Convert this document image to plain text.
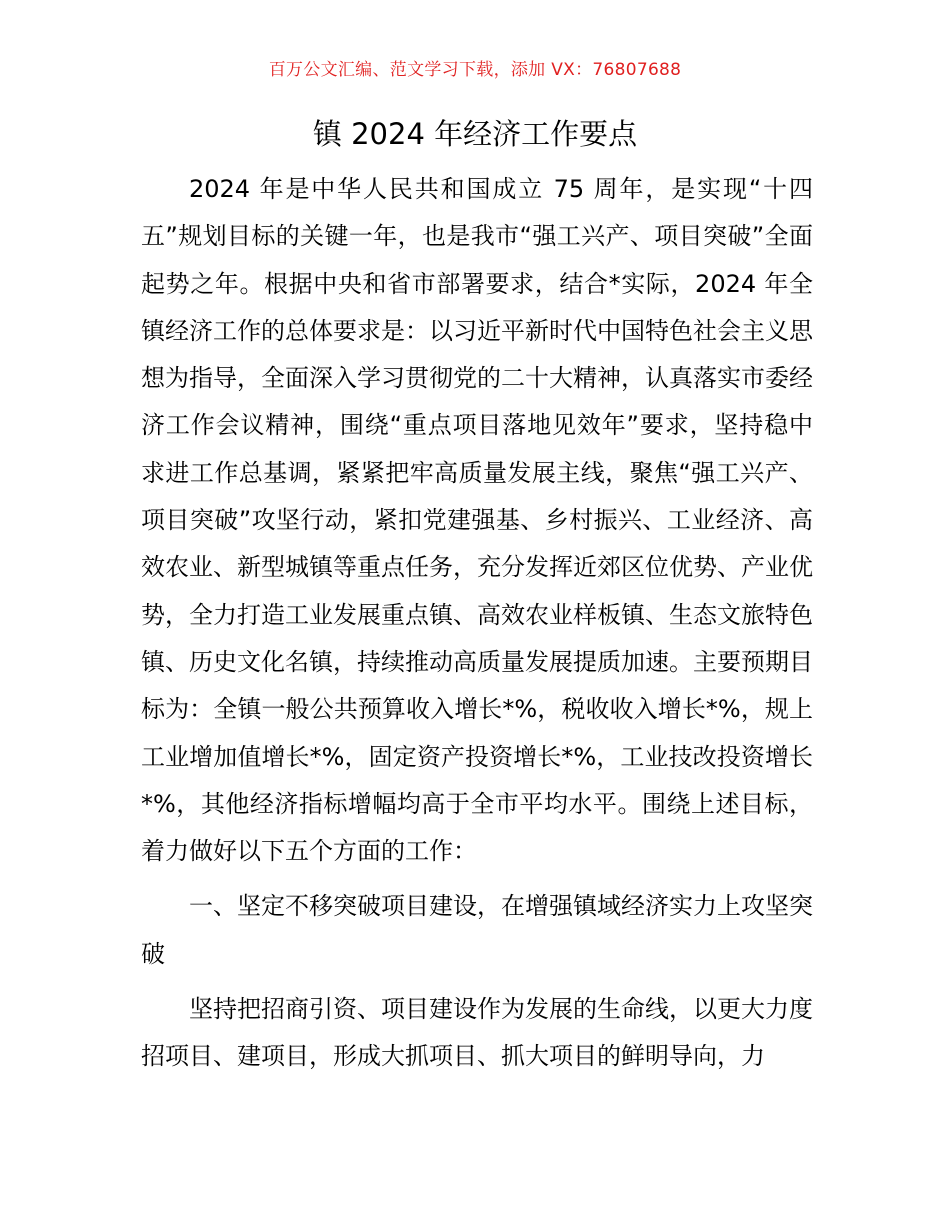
百万公文汇编、范文学习下载，添加 VX：76807688
镇 2024 年经济工作要点

2024 年是中华人民共和国成立 75 周年，是实现“十四五”规划目标的关键一年，也是我市“强工兴产、项目突破”全面起势之年。根据中央和省市部署要求，结合*实际，2024 年全镇经济工作的总体要求是：以习近平新时代中国特色社会主义思想为指导，全面深入学习贯彻党的二十大精神，认真落实市委经济工作会议精神，围绕“重点项目落地见效年”要求，坚持稳中求进工作总基调，紧紧把牢高质量发展主线，聚焦“强工兴产、项目突破”攻坚行动，紧扣党建强基、乡村振兴、工业经济、高效农业、新型城镇等重点任务，充分发挥近郊区位优势、产业优势，全力打造工业发展重点镇、高效农业样板镇、生态文旅特色镇、历史文化名镇，持续推动高质量发展提质加速。主要预期目标为：全镇一般公共预算收入增长*%，税收收入增长*%，规上工业增加值增长*%，固定资产投资增长*%，工业技改投资增长*%，其他经济指标增幅均高于全市平均水平。围绕上述目标，着力做好以下五个方面的工作：

一、坚定不移突破项目建设，在增强镇域经济实力上攻坚突破

坚持把招商引资、项目建设作为发展的生命线，以更大力度招项目、建项目，形成大抓项目、抓大项目的鲜明导向，力
